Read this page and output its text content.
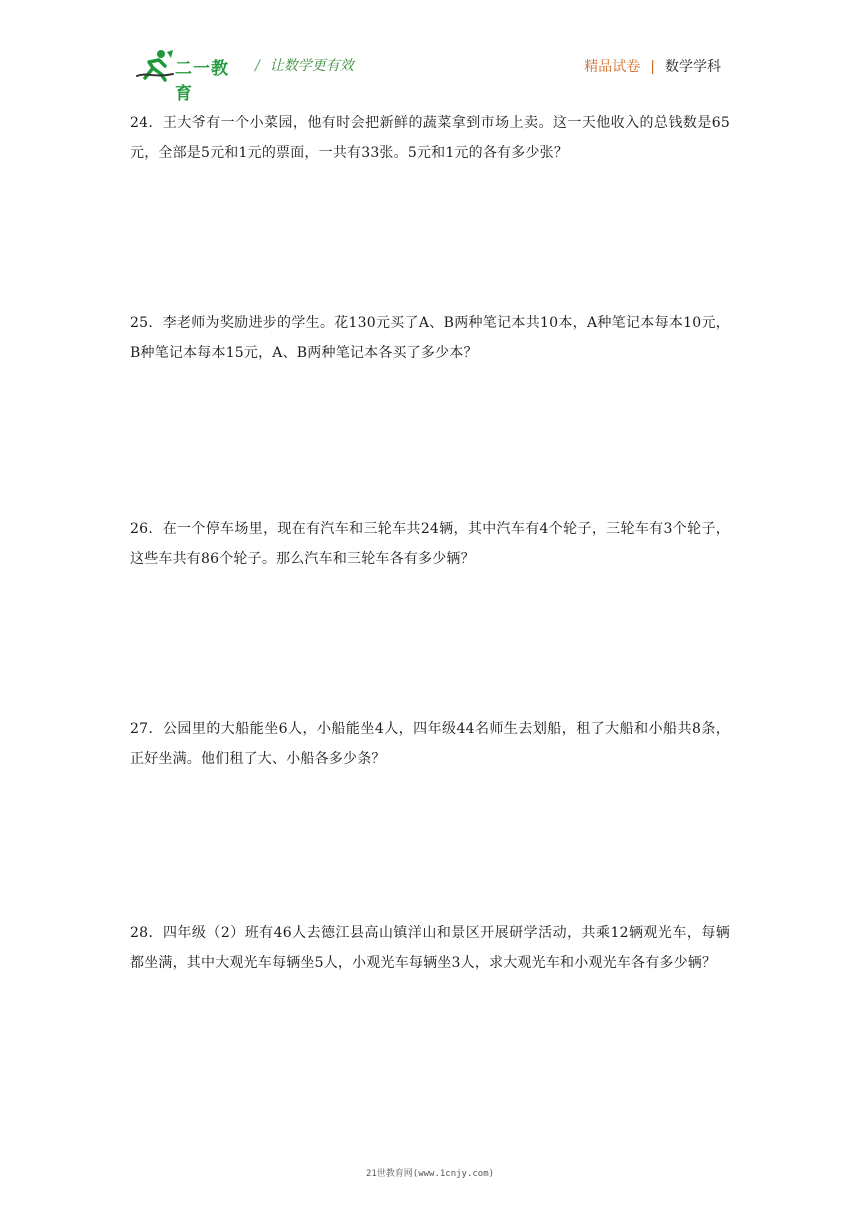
二一教育
/ 让数学更有效	精品试卷 | 数学学科
24．王大爷有一个小菜园，他有时会把新鲜的蔬菜拿到市场上卖。这一天他收入的总钱数是65元，全部是5元和1元的票面，一共有33张。5元和1元的各有多少张？
25．李老师为奖励进步的学生。花130元买了A、B两种笔记本共10本，A种笔记本每本10元，B种笔记本每本15元，A、B两种笔记本各买了多少本？
26．在一个停车场里，现在有汽车和三轮车共24辆，其中汽车有4个轮子，三轮车有3个轮子，这些车共有86个轮子。那么汽车和三轮车各有多少辆？
27．公园里的大船能坐6人，小船能坐4人，四年级44名师生去划船，租了大船和小船共8条，正好坐满。他们租了大、小船各多少条？
28．四年级（2）班有46人去德江县高山镇洋山和景区开展研学活动，共乘12辆观光车，每辆都坐满，其中大观光车每辆坐5人，小观光车每辆坐3人，求大观光车和小观光车各有多少辆？
21世教育网(www.1cnjy.com)
